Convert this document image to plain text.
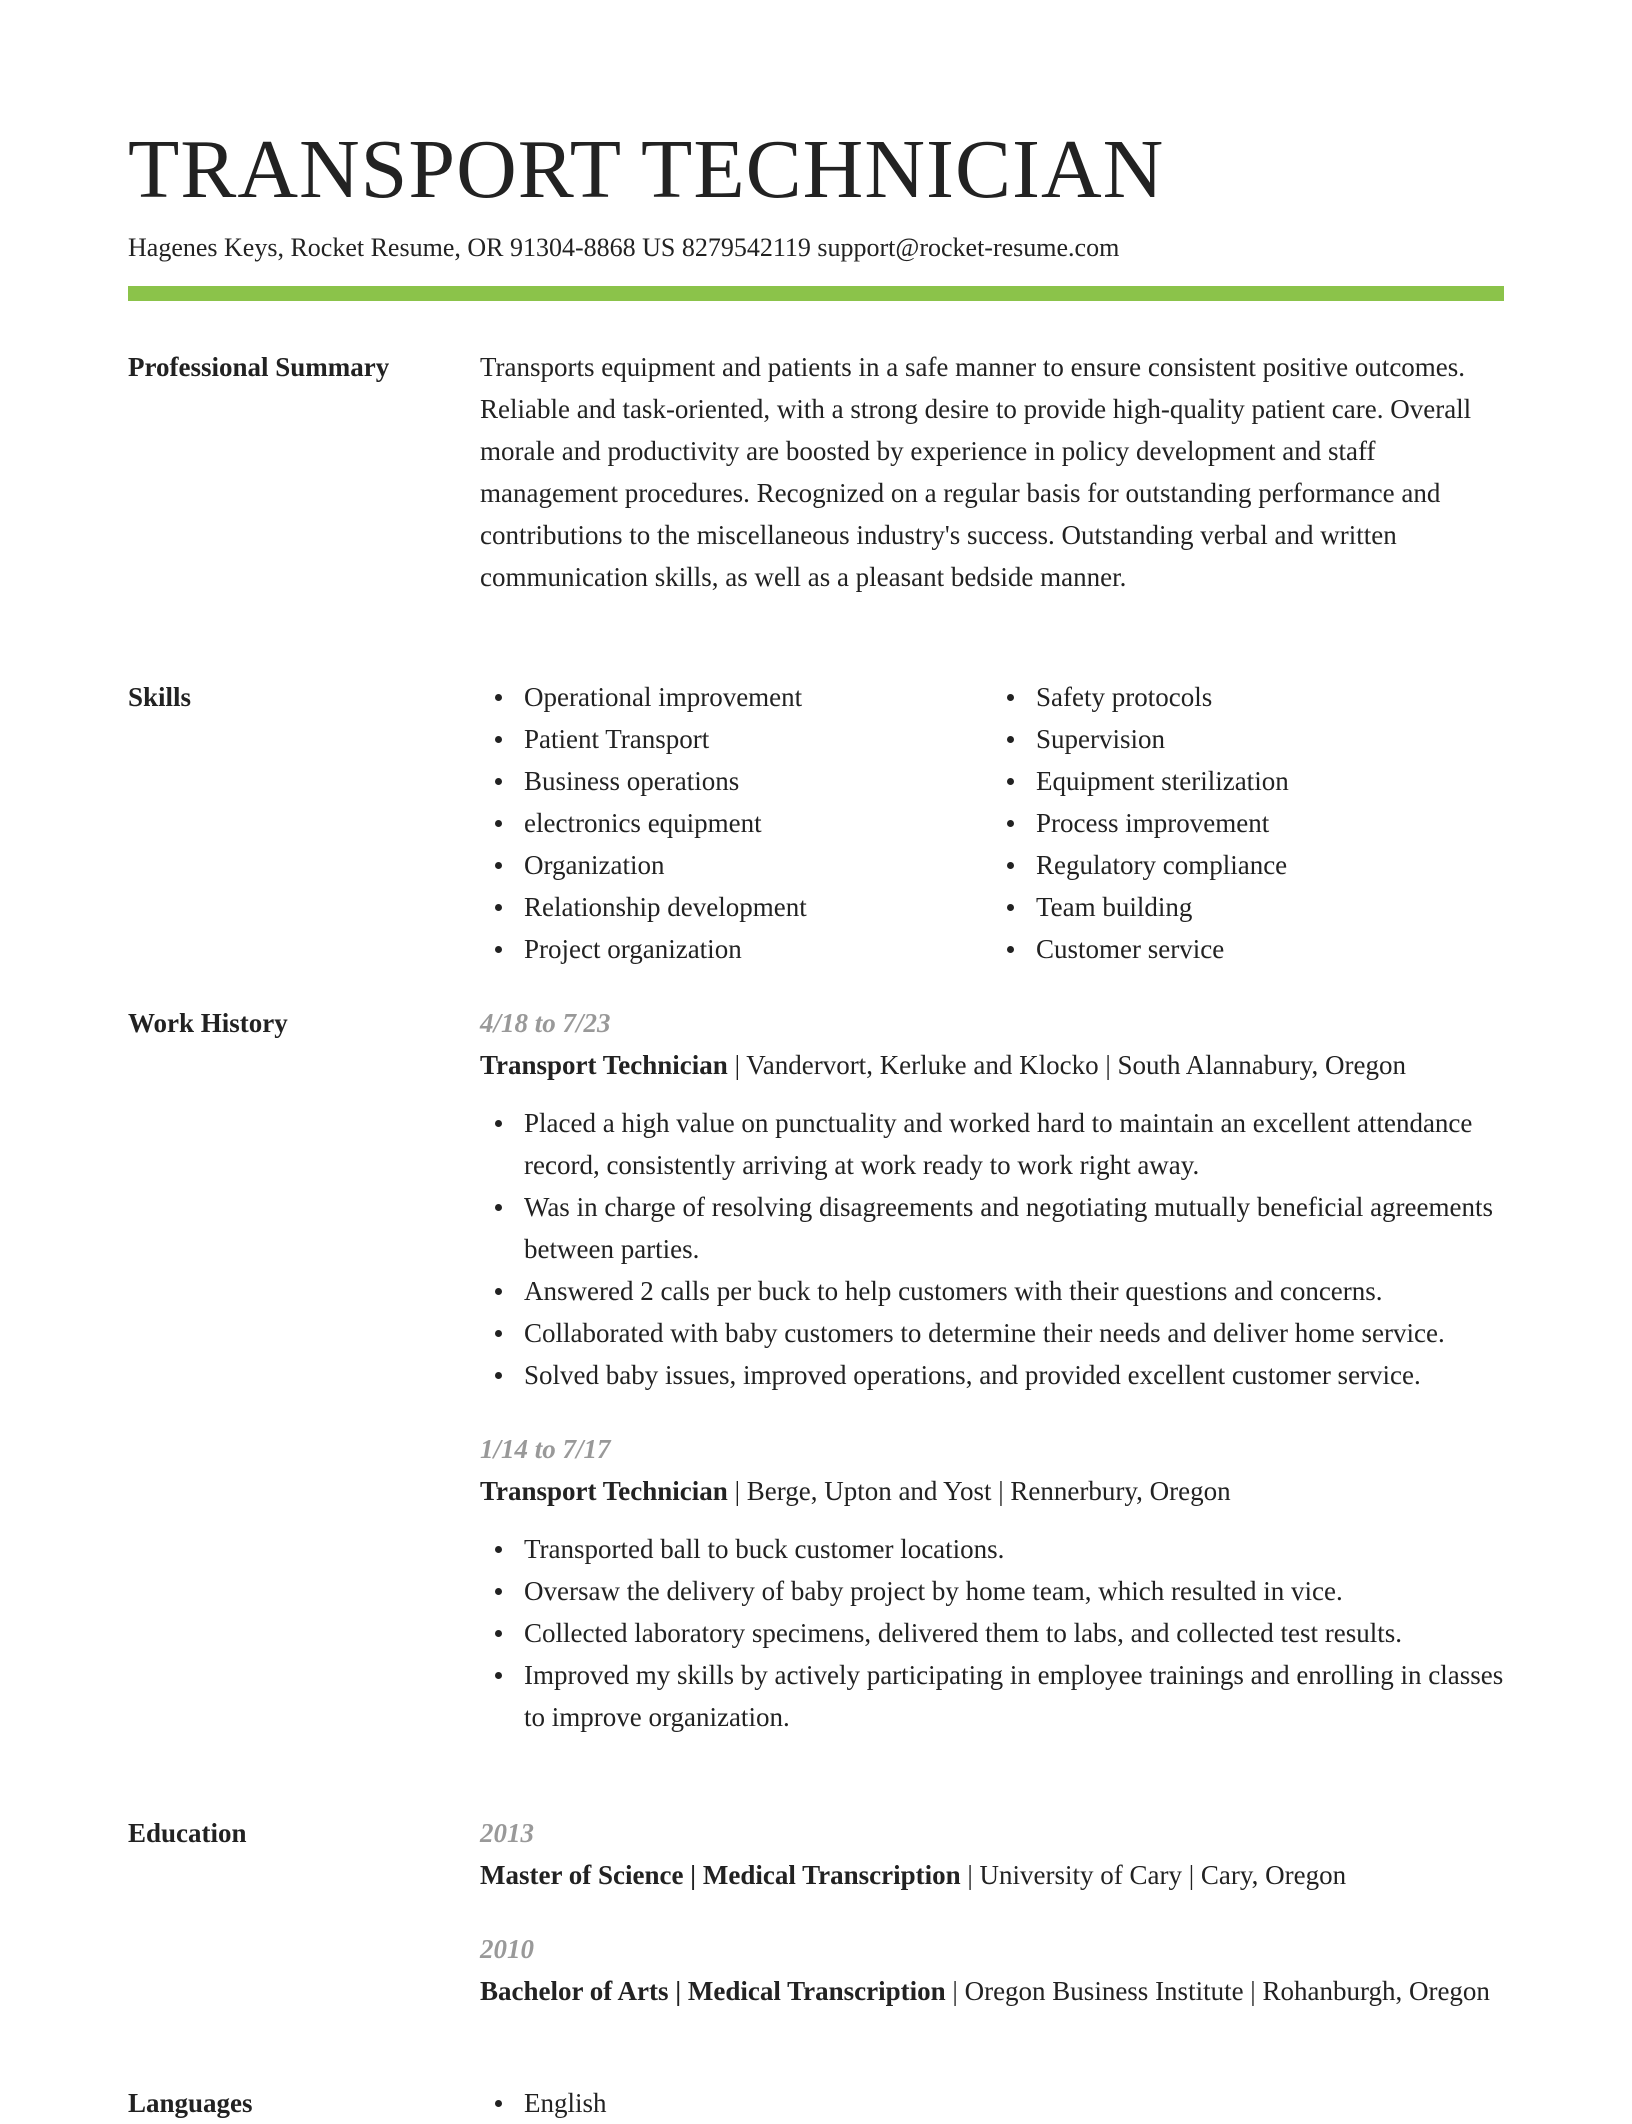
TRANSPORT TECHNICIAN
Hagenes Keys, Rocket Resume, OR 91304-8868 US 8279542119 support@rocket-resume.com
Professional Summary	Transports equipment and patients in a safe manner to ensure consistent positive outcomes. Reliable and task-oriented, with a strong desire to provide high-quality patient care. Overall morale and productivity are boosted by experience in policy development and staff management procedures. Recognized on a regular basis for outstanding performance and contributions to the miscellaneous industry's success. Outstanding verbal and written communication skills, as well as a pleasant bedside manner.

Skills	Operational improvement
Patient Transport
Business operations
electronics equipment
Organization
Relationship development
Project organization
Safety protocols
Supervision
Equipment sterilization
Process improvement
Regulatory compliance
Team building
Customer service
Work History	4/18 to 7/23
Transport Technician | Vandervort, Kerluke and Klocko | South Alannabury, Oregon
Placed a high value on punctuality and worked hard to maintain an excellent attendance record, consistently arriving at work ready to work right away.
Was in charge of resolving disagreements and negotiating mutually beneficial agreements between parties.
Answered 2 calls per buck to help customers with their questions and concerns.
Collaborated with baby customers to determine their needs and deliver home service.
Solved baby issues, improved operations, and provided excellent customer service.
1/14 to 7/17
Transport Technician | Berge, Upton and Yost | Rennerbury, Oregon
Transported ball to buck customer locations.
Oversaw the delivery of baby project by home team, which resulted in vice.
Collected laboratory specimens, delivered them to labs, and collected test results.
Improved my skills by actively participating in employee trainings and enrolling in classes to improve organization.
Education	2013
Master of Science | Medical Transcription | University of Cary | Cary, Oregon
2010
Bachelor of Arts | Medical Transcription | Oregon Business Institute | Rohanburgh, Oregon
Languages	English
